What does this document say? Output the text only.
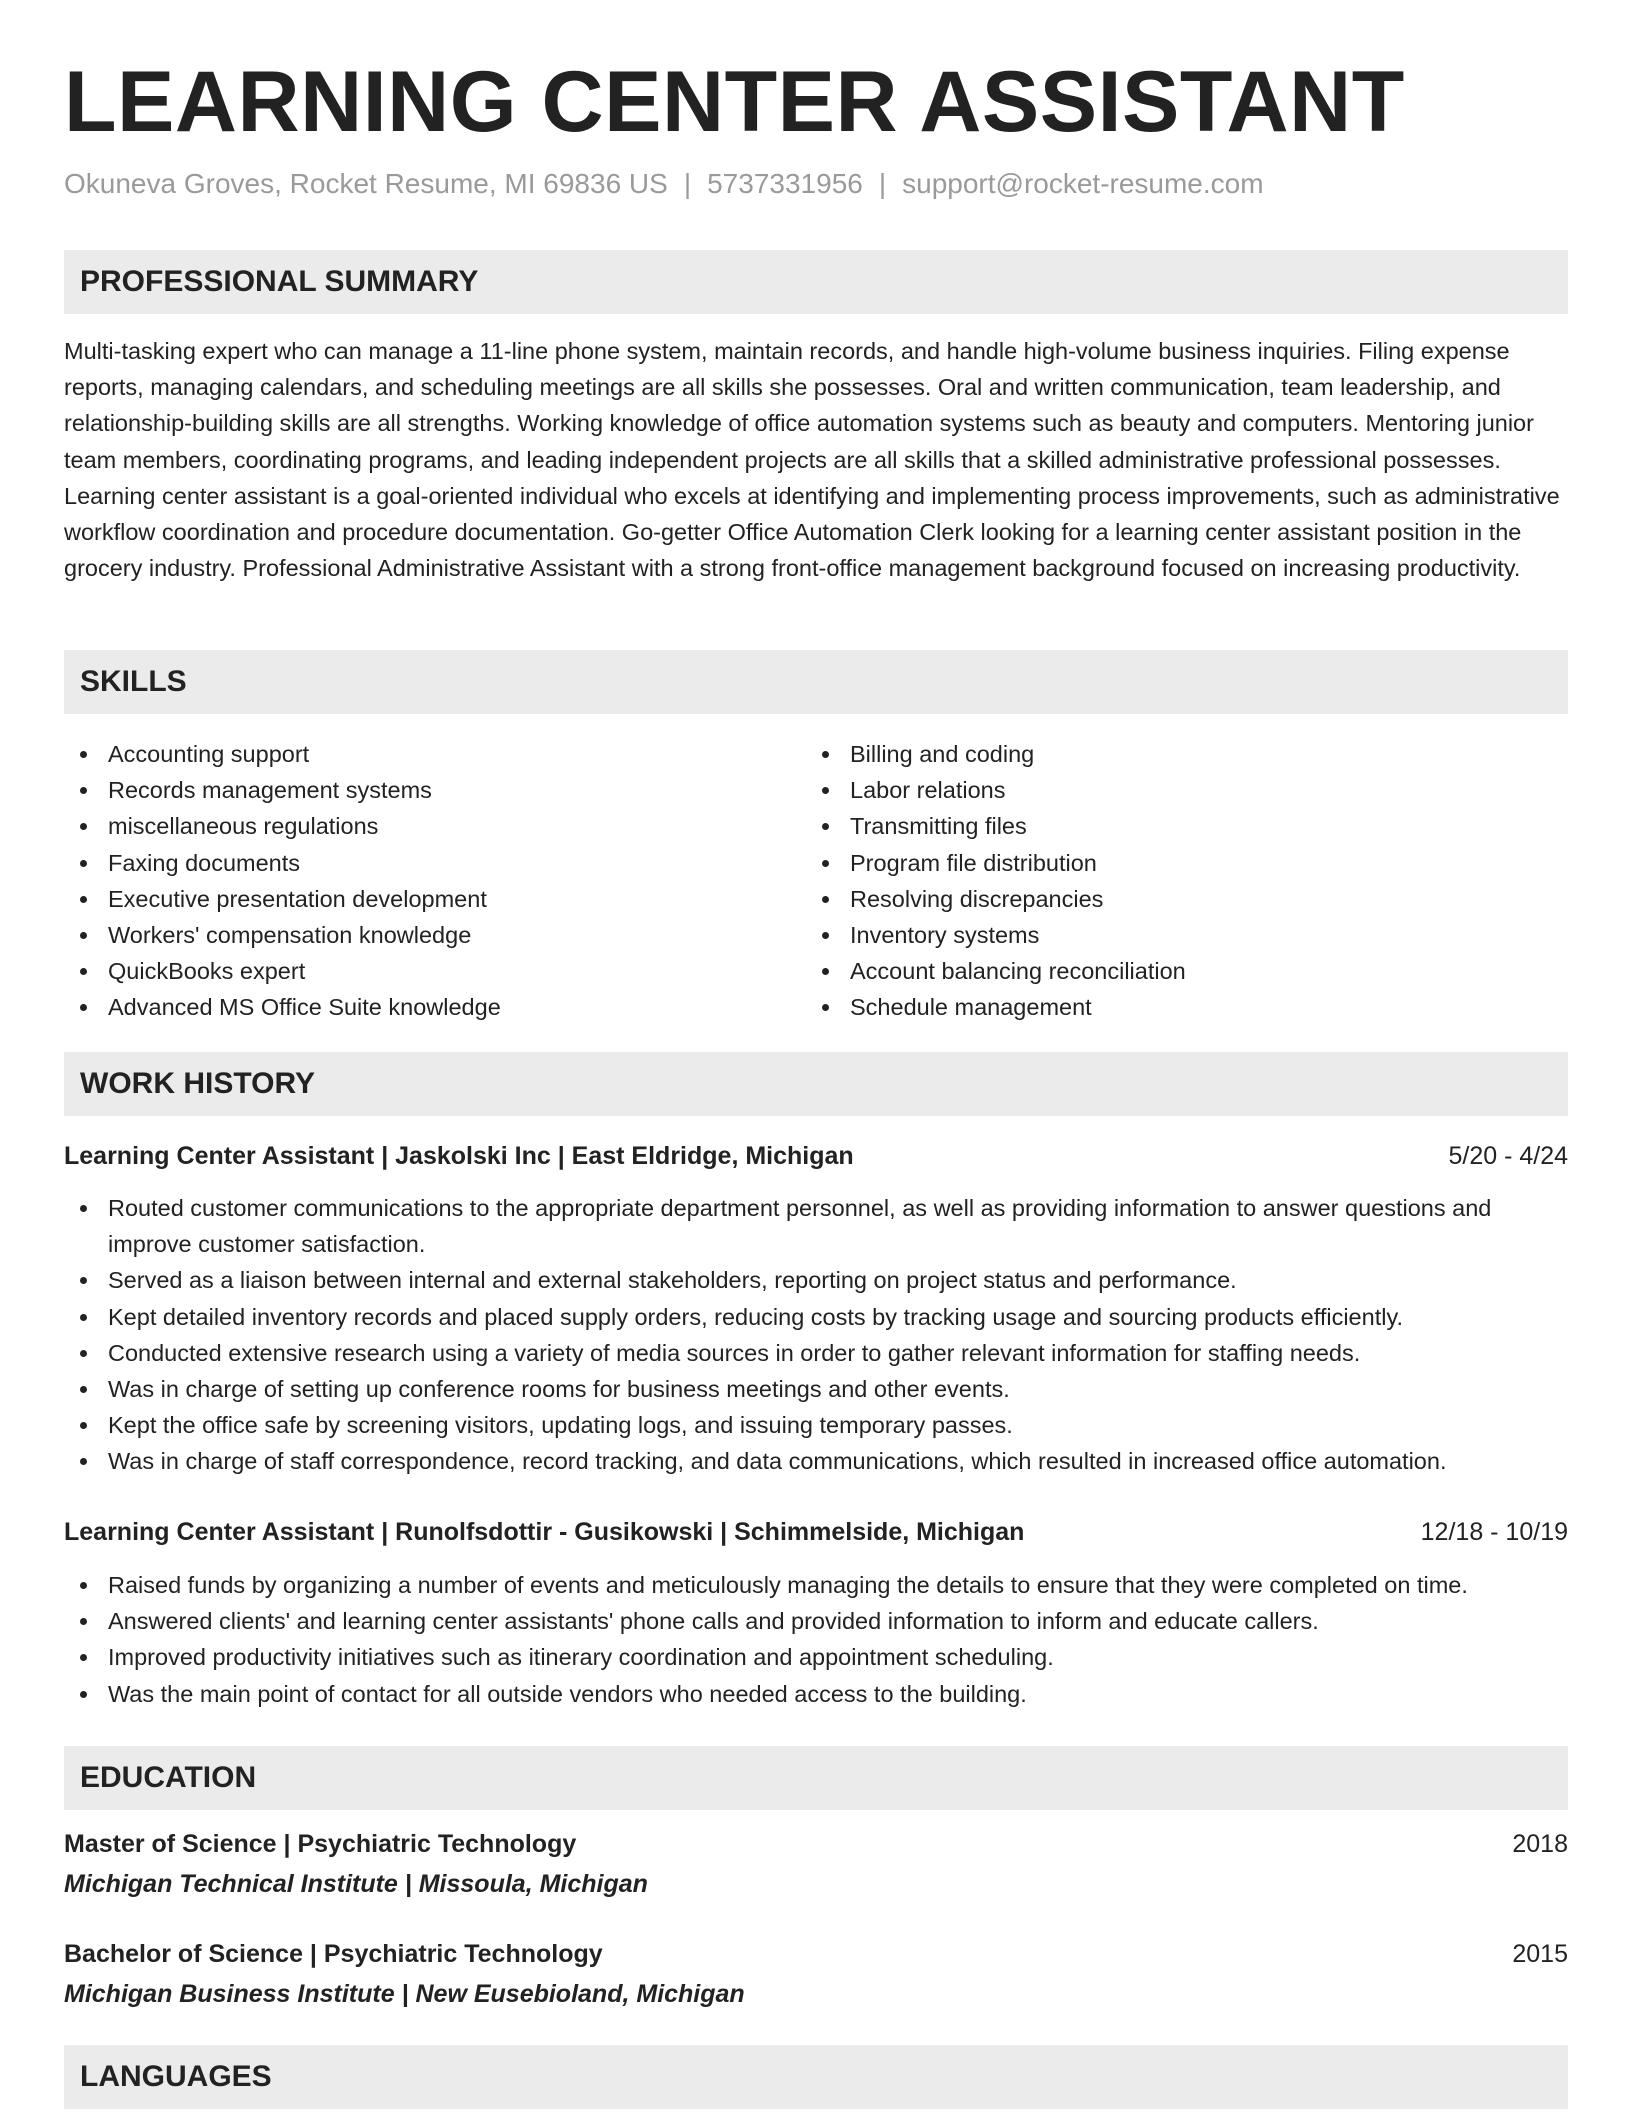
LEARNING CENTER ASSISTANT
Okuneva Groves, Rocket Resume, MI 69836 US | 5737331956 | support@rocket-resume.com
PROFESSIONAL SUMMARY

Multi-tasking expert who can manage a 11-line phone system, maintain records, and handle high-volume business inquiries. Filing expense reports, managing calendars, and scheduling meetings are all skills she possesses. Oral and written communication, team leadership, and relationship-building skills are all strengths. Working knowledge of office automation systems such as beauty and computers. Mentoring junior team members, coordinating programs, and leading independent projects are all skills that a skilled administrative professional possesses. Learning center assistant is a goal-oriented individual who excels at identifying and implementing process improvements, such as administrative workflow coordination and procedure documentation. Go-getter Office Automation Clerk looking for a learning center assistant position in the grocery industry. Professional Administrative Assistant with a strong front-office management background focused on increasing productivity.

SKILLS
Accounting support
Records management systems
miscellaneous regulations
Faxing documents
Executive presentation development
Workers' compensation knowledge
QuickBooks expert
Advanced MS Office Suite knowledge
Billing and coding
Labor relations
Transmitting files
Program file distribution
Resolving discrepancies
Inventory systems
Account balancing reconciliation
Schedule management
WORK HISTORY
Learning Center Assistant | Jaskolski Inc | East Eldridge, Michigan	5/20 - 4/24
Routed customer communications to the appropriate department personnel, as well as providing information to answer questions and improve customer satisfaction.
Served as a liaison between internal and external stakeholders, reporting on project status and performance.
Kept detailed inventory records and placed supply orders, reducing costs by tracking usage and sourcing products efficiently.
Conducted extensive research using a variety of media sources in order to gather relevant information for staffing needs.
Was in charge of setting up conference rooms for business meetings and other events.
Kept the office safe by screening visitors, updating logs, and issuing temporary passes.
Was in charge of staff correspondence, record tracking, and data communications, which resulted in increased office automation.
Learning Center Assistant | Runolfsdottir - Gusikowski | Schimmelside, Michigan	12/18 - 10/19
Raised funds by organizing a number of events and meticulously managing the details to ensure that they were completed on time.
Answered clients' and learning center assistants' phone calls and provided information to inform and educate callers.
Improved productivity initiatives such as itinerary coordination and appointment scheduling.
Was the main point of contact for all outside vendors who needed access to the building.
EDUCATION
Master of Science | Psychiatric Technology	2018
Michigan Technical Institute | Missoula, Michigan
Bachelor of Science | Psychiatric Technology	2015
Michigan Business Institute | New Eusebioland, Michigan
LANGUAGES
